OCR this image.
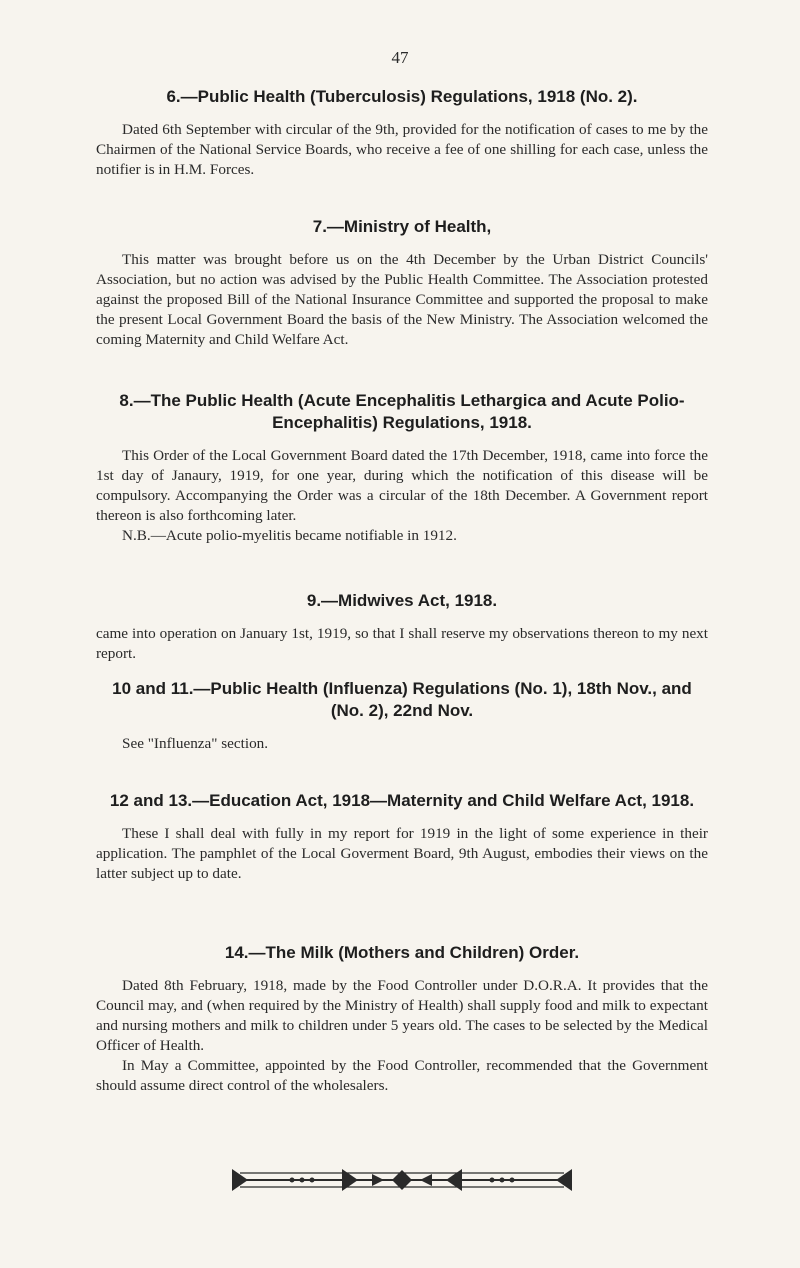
47
6.—Public Health (Tuberculosis) Regulations, 1918 (No. 2).

Dated 6th September with circular of the 9th, provided for the notification of cases to me by the Chairmen of the National Service Boards, who receive a fee of one shilling for each case, unless the notifier is in H.M. Forces.

7.—Ministry of Health,

This matter was brought before us on the 4th December by the Urban District Councils' Association, but no action was advised by the Public Health Committee. The Association protested against the proposed Bill of the National Insurance Committee and supported the proposal to make the present Local Government Board the basis of the New Ministry. The Association welcomed the coming Maternity and Child Welfare Act.

8.—The Public Health (Acute Encephalitis Lethargica and Acute Polio-Encephalitis) Regulations, 1918.

This Order of the Local Government Board dated the 17th December, 1918, came into force the 1st day of Janaury, 1919, for one year, during which the notification of this disease will be compulsory. Accompanying the Order was a circular of the 18th December. A Government report thereon is also forthcoming later.

N.B.—Acute polio-myelitis became notifiable in 1912.

9.—Midwives Act, 1918.

came into operation on January 1st, 1919, so that I shall reserve my observations thereon to my next report.

10 and 11.—Public Health (Influenza) Regulations (No. 1), 18th Nov., and (No. 2), 22nd Nov.

See "Influenza" section.

12 and 13.—Education Act, 1918—Maternity and Child Welfare Act, 1918.

These I shall deal with fully in my report for 1919 in the light of some experience in their application. The pamphlet of the Local Goverment Board, 9th August, embodies their views on the latter subject up to date.

14.—The Milk (Mothers and Children) Order.

Dated 8th February, 1918, made by the Food Controller under D.O.R.A. It provides that the Council may, and (when required by the Ministry of Health) shall supply food and milk to expectant and nursing mothers and milk to children under 5 years old. The cases to be selected by the Medical Officer of Health.

In May a Committee, appointed by the Food Controller, recommended that the Government should assume direct control of the wholesalers.
